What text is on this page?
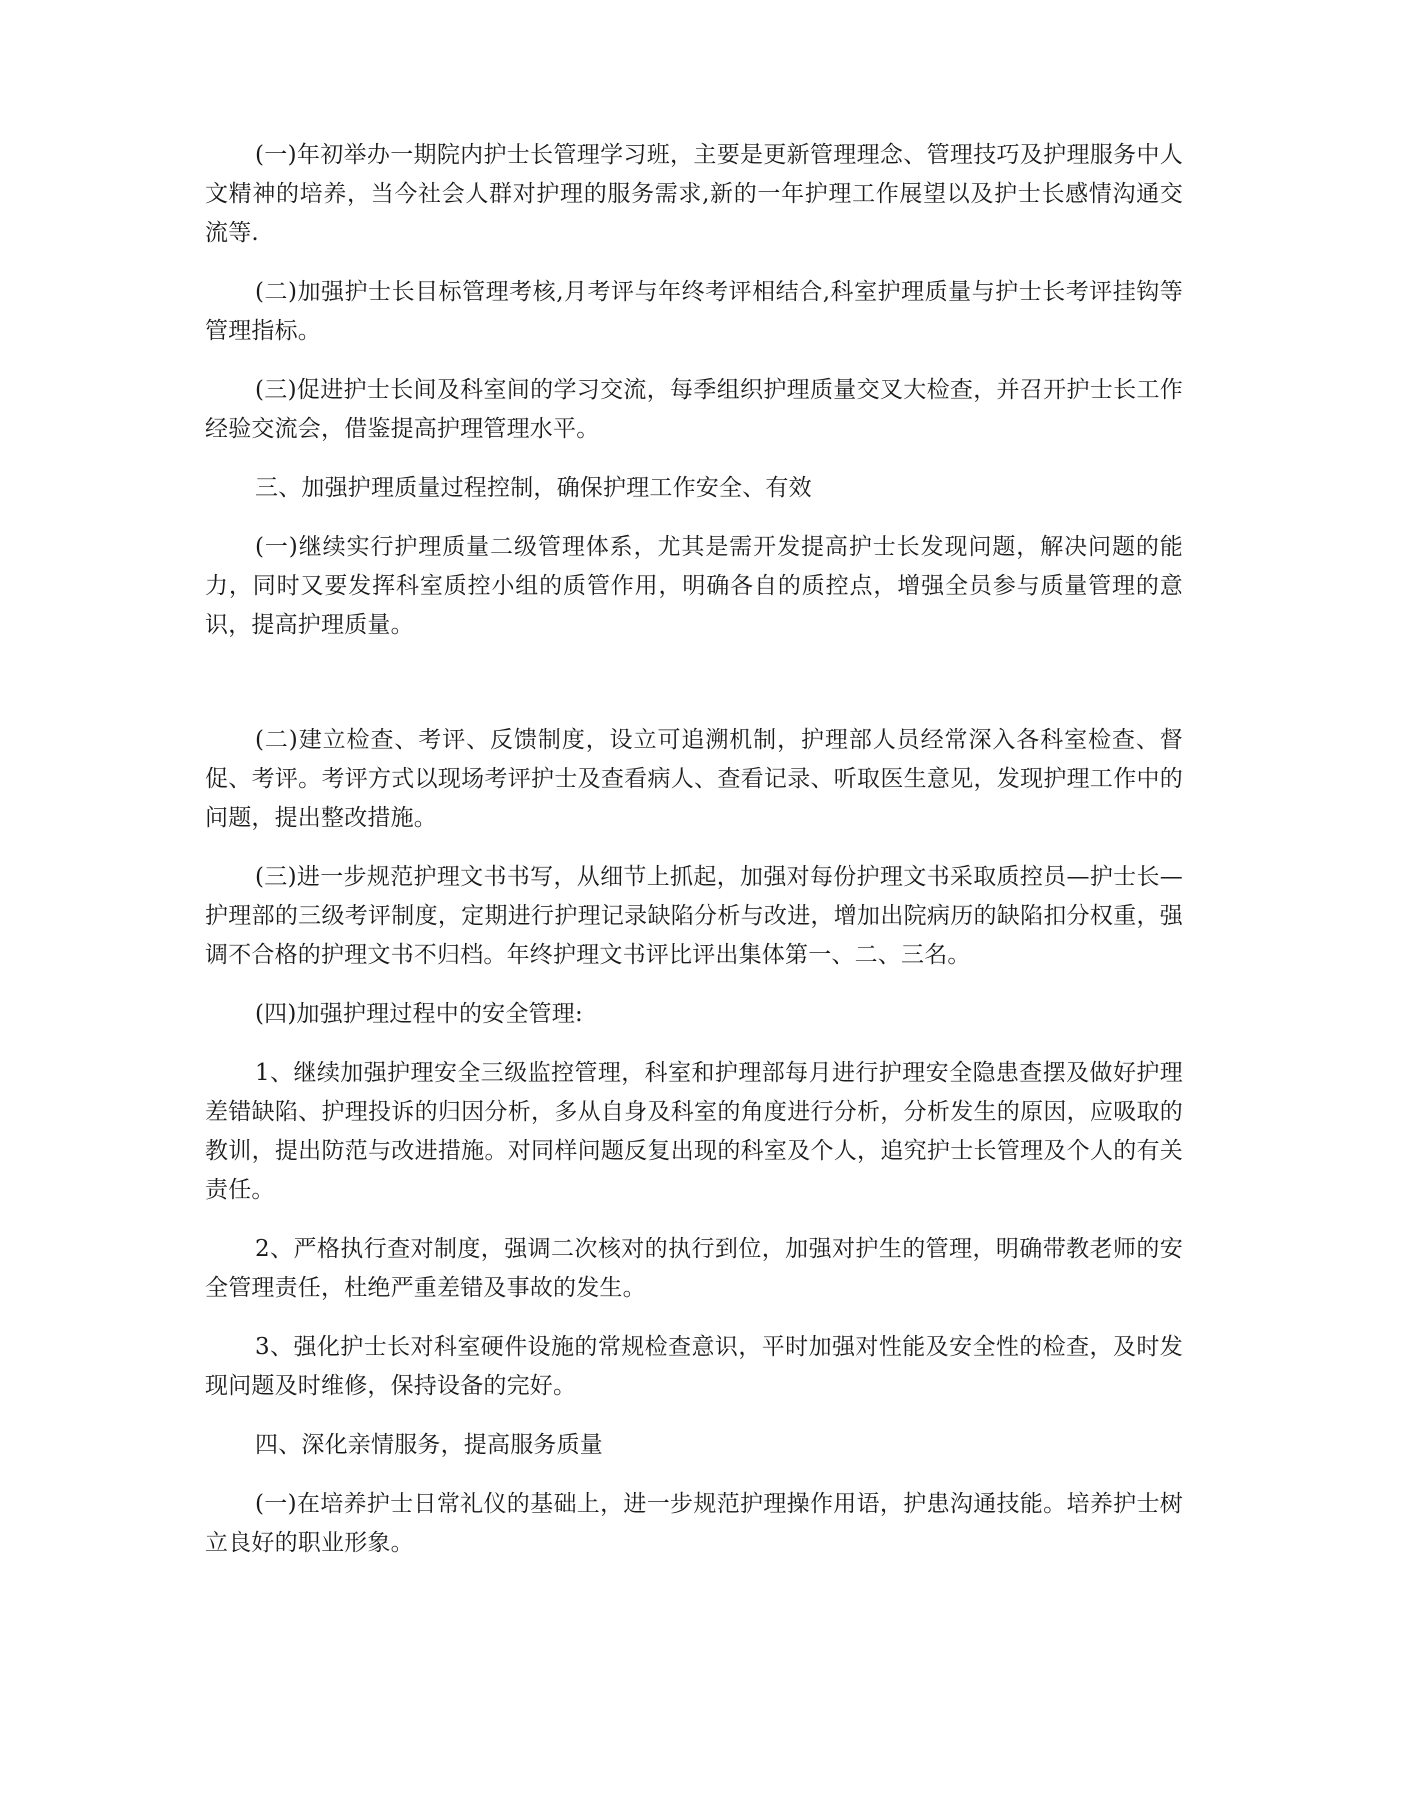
(一)年初举办一期院内护士长管理学习班，主要是更新管理理念、管理技巧及护理服务中人文精神的培养，当今社会人群对护理的服务需求,新的一年护理工作展望以及护士长感情沟通交流等.

(二)加强护士长目标管理考核,月考评与年终考评相结合,科室护理质量与护士长考评挂钩等管理指标。

(三)促进护士长间及科室间的学习交流，每季组织护理质量交叉大检查，并召开护士长工作经验交流会，借鉴提高护理管理水平。

三、加强护理质量过程控制，确保护理工作安全、有效

(一)继续实行护理质量二级管理体系，尤其是需开发提高护士长发现问题，解决问题的能力，同时又要发挥科室质控小组的质管作用，明确各自的质控点，增强全员参与质量管理的意识，提高护理质量。

(二)建立检查、考评、反馈制度，设立可追溯机制，护理部人员经常深入各科室检查、督促、考评。考评方式以现场考评护士及查看病人、查看记录、听取医生意见，发现护理工作中的问题，提出整改措施。

(三)进一步规范护理文书书写，从细节上抓起，加强对每份护理文书采取质控员—护士长—护理部的三级考评制度，定期进行护理记录缺陷分析与改进，增加出院病历的缺陷扣分权重，强调不合格的护理文书不归档。年终护理文书评比评出集体第一、二、三名。

(四)加强护理过程中的安全管理:

1、继续加强护理安全三级监控管理，科室和护理部每月进行护理安全隐患查摆及做好护理差错缺陷、护理投诉的归因分析，多从自身及科室的角度进行分析，分析发生的原因，应吸取的教训，提出防范与改进措施。对同样问题反复出现的科室及个人，追究护士长管理及个人的有关责任。

2、严格执行查对制度，强调二次核对的执行到位，加强对护生的管理，明确带教老师的安全管理责任，杜绝严重差错及事故的发生。

3、强化护士长对科室硬件设施的常规检查意识，平时加强对性能及安全性的检查，及时发现问题及时维修，保持设备的完好。

四、深化亲情服务，提高服务质量

(一)在培养护士日常礼仪的基础上，进一步规范护理操作用语，护患沟通技能。培养护士树立良好的职业形象。
